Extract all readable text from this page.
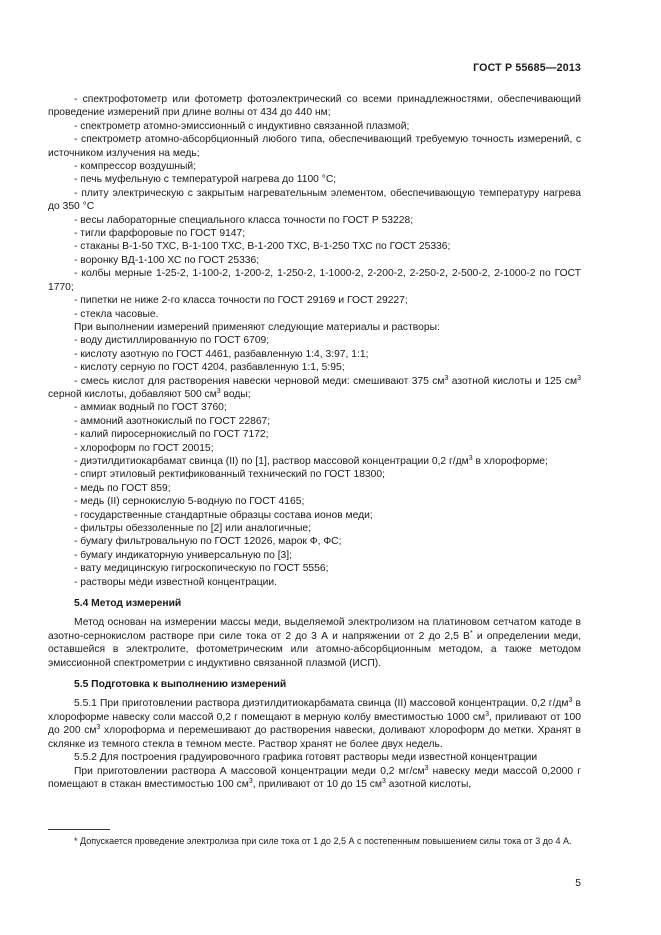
ГОСТ Р 55685—2013

- спектрофотометр или фотометр фотоэлектрический со всеми принадлежностями, обеспечивающий проведение измерений при длине волны от 434 до 440 нм;

- спектрометр атомно-эмиссионный с индуктивно связанной плазмой;

- спектрометр атомно-абсорбционный любого типа, обеспечивающий требуемую точность измерений, с источником излучения на медь;

- компрессор воздушный;

- печь муфельную с температурой нагрева до 1100 °С;

- плиту электрическую с закрытым нагревательным элементом, обеспечивающую температуру нагрева до 350 °С

- весы лабораторные специального класса точности по ГОСТ Р 53228;

- тигли фарфоровые по ГОСТ 9147;

- стаканы В-1-50 ТХС, В-1-100 ТХС, В-1-200 ТХС, В-1-250 ТХС по ГОСТ 25336;

- воронку ВД-1-100 ХС по ГОСТ 25336;

- колбы мерные 1-25-2, 1-100-2, 1-200-2, 1-250-2, 1-1000-2, 2-200-2, 2-250-2, 2-500-2, 2-1000-2 по ГОСТ 1770;

- пипетки не ниже 2-го класса точности по ГОСТ 29169 и ГОСТ 29227;

- стекла часовые.

При выполнении измерений применяют следующие материалы и растворы:

- воду дистиллированную по ГОСТ 6709;

- кислоту азотную по ГОСТ 4461, разбавленную 1:4, 3:97, 1:1;

- кислоту серную по ГОСТ 4204, разбавленную 1:1, 5:95;

- смесь кислот для растворения навески черновой меди: смешивают 375 $см^3$ азотной кислоты и 125 $см^3$ серной кислоты, добавляют 500 $см^3$ воды;

- аммиак водный по ГОСТ 3760;

- аммоний азотнокислый по ГОСТ 22867;

- калий пиросернокислый по ГОСТ 7172;

- хлороформ по ГОСТ 20015;

- диэтилдитиокарбамат свинца (II) по [1], раствор массовой концентрации 0,2 $г/дм^3$ в хлороформе;

- спирт этиловый ректификованный технический по ГОСТ 18300;

- медь по ГОСТ 859;

- медь (II) сернокислую 5-водную по ГОСТ 4165;

- государственные стандартные образцы состава ионов меди;

- фильтры обеззоленные по [2] или аналогичные;

- бумагу фильтровальную по ГОСТ 12026, марок Ф, ФС;

- бумагу индикаторную универсальную по [3];

- вату медицинскую гигроскопическую по ГОСТ 5556;

- растворы меди известной концентрации.

5.4 Метод измерений

Метод основан на измерении массы меди, выделяемой электролизом на платиновом сетчатом катоде в азотно-сернокислом растворе при силе тока от 2 до 3 А и напряжении от 2 до 2,5 В* и определении меди, оставшейся в электролите, фотометрическим или атомно-абсорбционным методом, а также методом эмиссионной спектрометрии с индуктивно связанной плазмой (ИСП).

5.5 Подготовка к выполнению измерений

5.5.1 При приготовлении раствора диэтилдитиокарбамата свинца (II) массовой концентрации. 0,2 $г/дм^3$ в хлороформе навеску соли массой 0,2 г помещают в мерную колбу вместимостью 1000 $см^3$, приливают от 100 до 200 $см^3$ хлороформа и перемешивают до растворения навески, доливают хлороформ до метки. Хранят в склянке из темного стекла в темном месте. Раствор хранят не более двух недель.

5.5.2 Для построения градуировочного графика готовят растворы меди известной концентрации

При приготовлении раствора А массовой концентрации меди 0,2 $мг/см^3$ навеску меди массой 0,2000 г помещают в стакан вместимостью 100 $см^3$, приливают от 10 до 15 $см^3$ азотной кислоты,

* Допускается проведение электролиза при силе тока от 1 до 2,5 А с постепенным повышением силы тока от 3 до 4 А.
5
